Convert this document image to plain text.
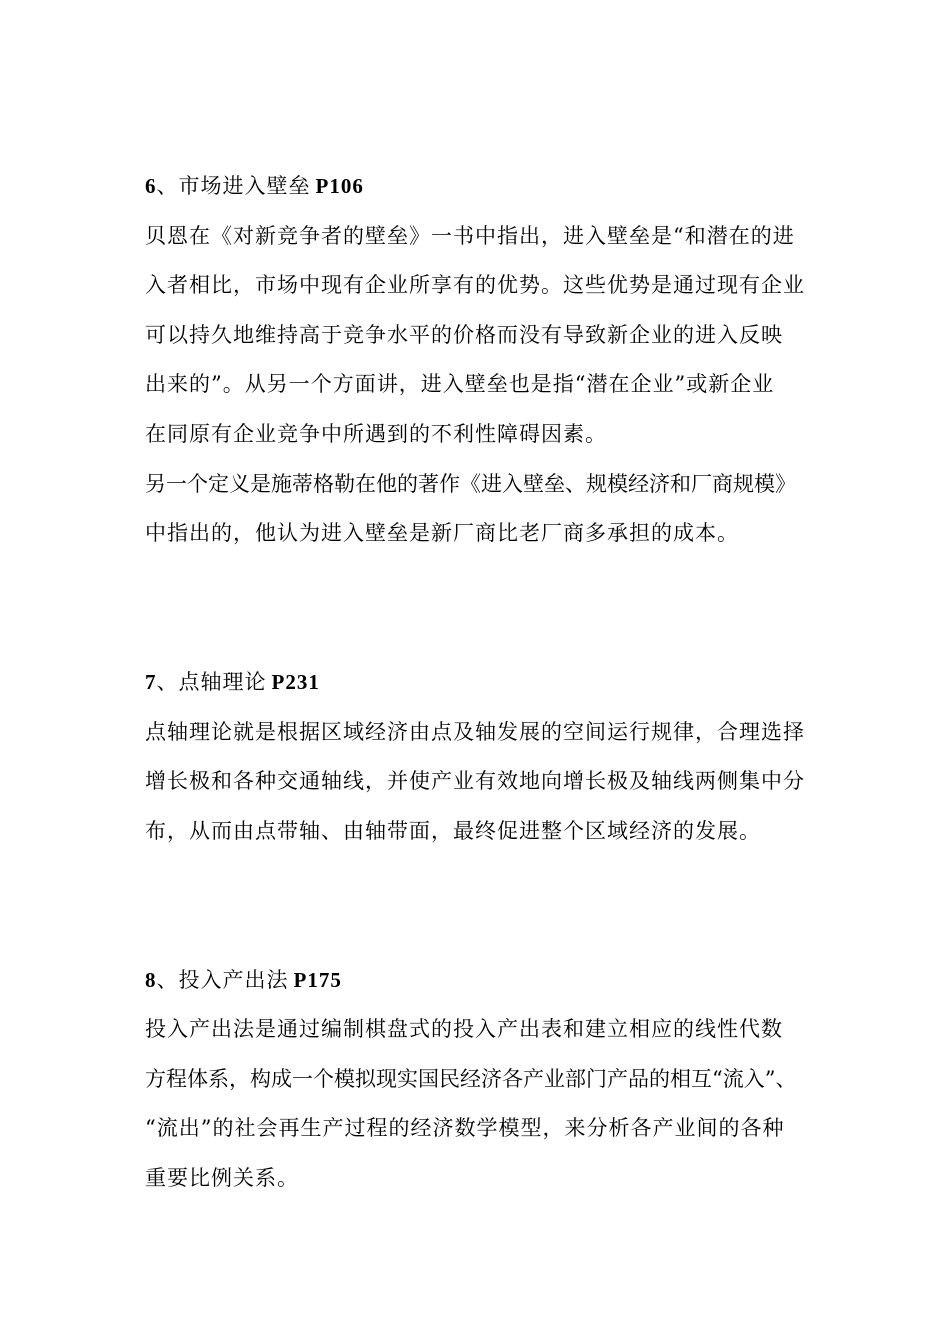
6、市场进入壁垒 P106
贝恩在《对新竞争者的壁垒》一书中指出，进入壁垒是“和潜在的进
入者相比，市场中现有企业所享有的优势。这些优势是通过现有企业
可以持久地维持高于竞争水平的价格而没有导致新企业的进入反映
出来的”。从另一个方面讲，进入壁垒也是指“潜在企业”或新企业
在同原有企业竞争中所遇到的不利性障碍因素。
另一个定义是施蒂格勒在他的著作《进入壁垒、规模经济和厂商规模》
中指出的，他认为进入壁垒是新厂商比老厂商多承担的成本。
7、点轴理论 P231
点轴理论就是根据区域经济由点及轴发展的空间运行规律，合理选择
增长极和各种交通轴线，并使产业有效地向增长极及轴线两侧集中分
布，从而由点带轴、由轴带面，最终促进整个区域经济的发展。
8、投入产出法 P175
投入产出法是通过编制棋盘式的投入产出表和建立相应的线性代数
方程体系，构成一个模拟现实国民经济各产业部门产品的相互“流入”、
“流出”的社会再生产过程的经济数学模型，来分析各产业间的各种
重要比例关系。
